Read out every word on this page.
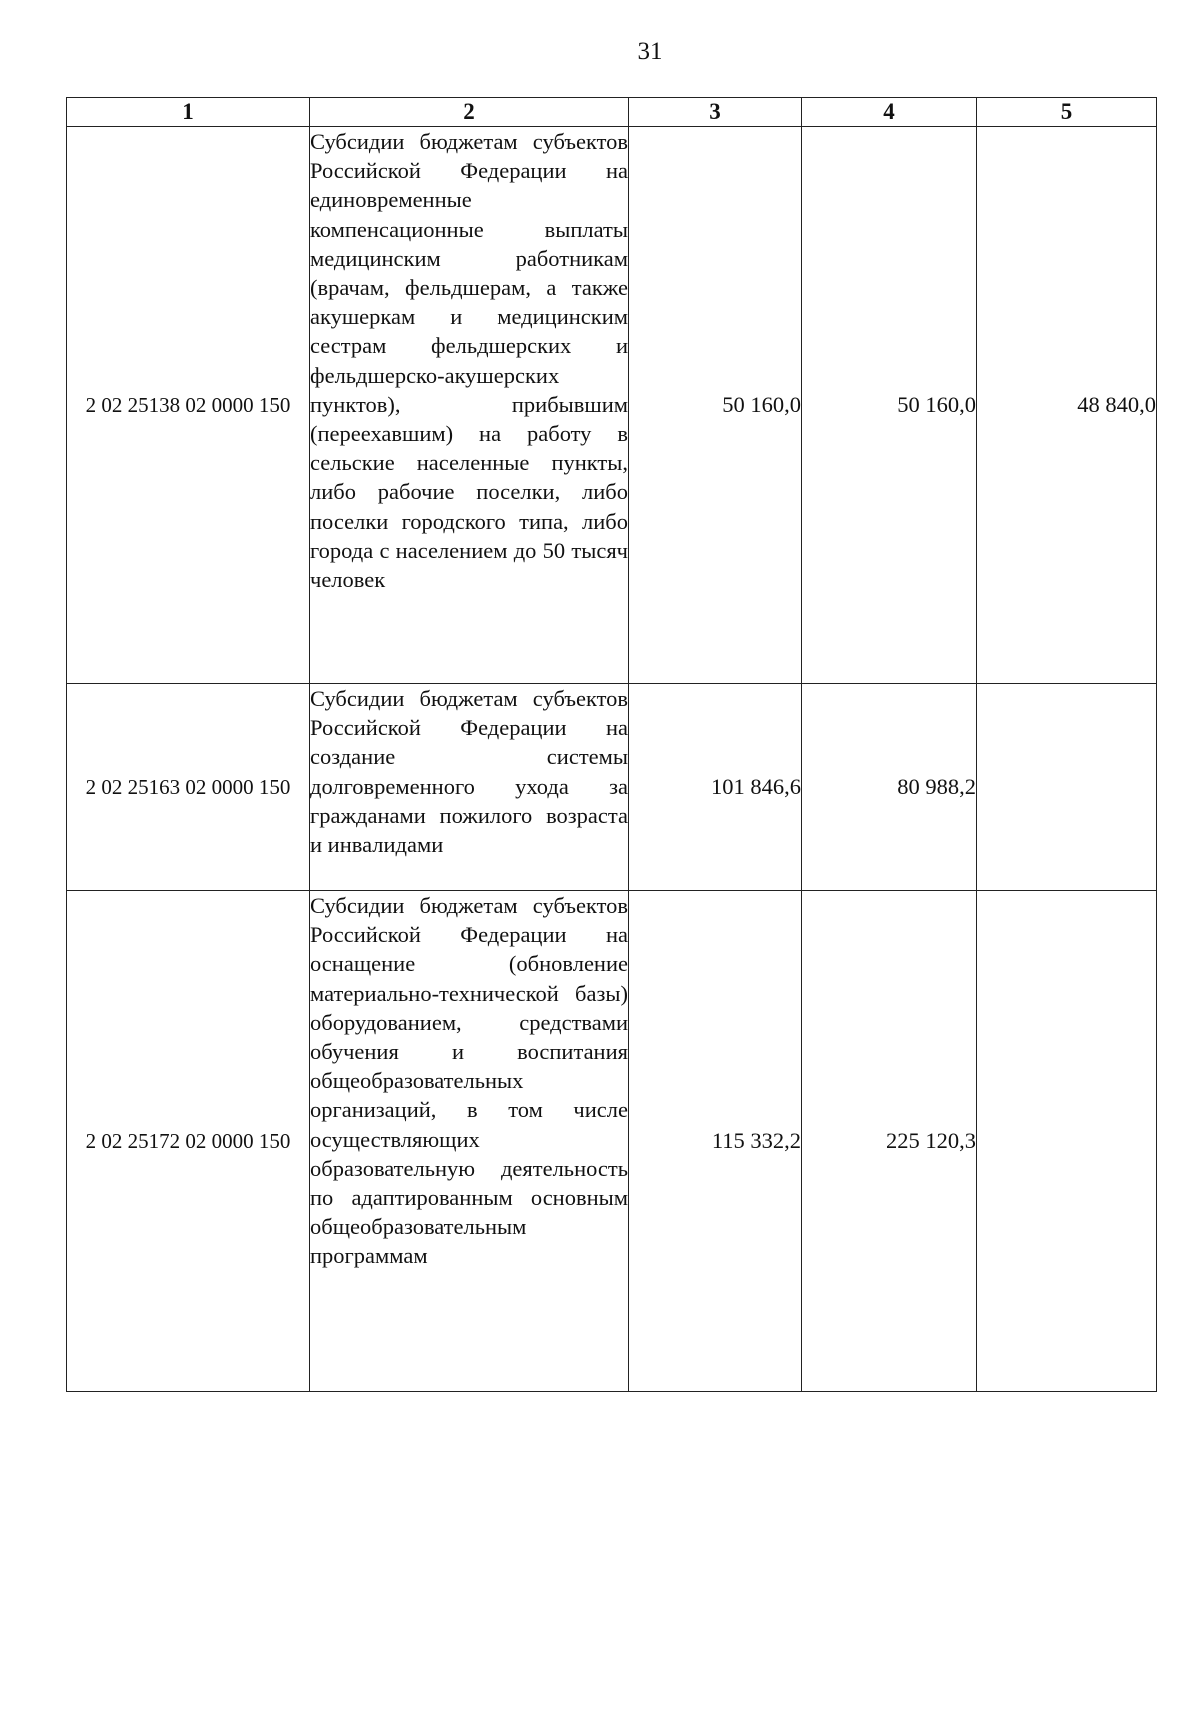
31
1	2	3	4	5
2 02 25138 02 0000 150	Субсидии бюджетам субъектов Российской Федерации на единовременные компенсационные выплаты медицинским работникам (врачам, фельдшерам, а также акушеркам и медицинским сестрам фельдшерских и фельдшерско-акушерских пунктов), прибывшим (переехавшим) на работу в сельские населенные пункты, либо рабочие поселки, либо поселки городского типа, либо города с населением до 50 тысяч человек	50 160,0	50 160,0	48 840,0
2 02 25163 02 0000 150	Субсидии бюджетам субъектов Российской Федерации на создание системы долговременного ухода за гражданами пожилого возраста и инвалидами	101 846,6	80 988,2	
2 02 25172 02 0000 150	Субсидии бюджетам субъектов Российской Федерации на оснащение (обновление материально-технической базы) оборудованием, средствами обучения и воспитания общеобразовательных организаций, в том числе осуществляющих образовательную деятельность по адаптированным основным общеобразовательным программам	115 332,2	225 120,3	
